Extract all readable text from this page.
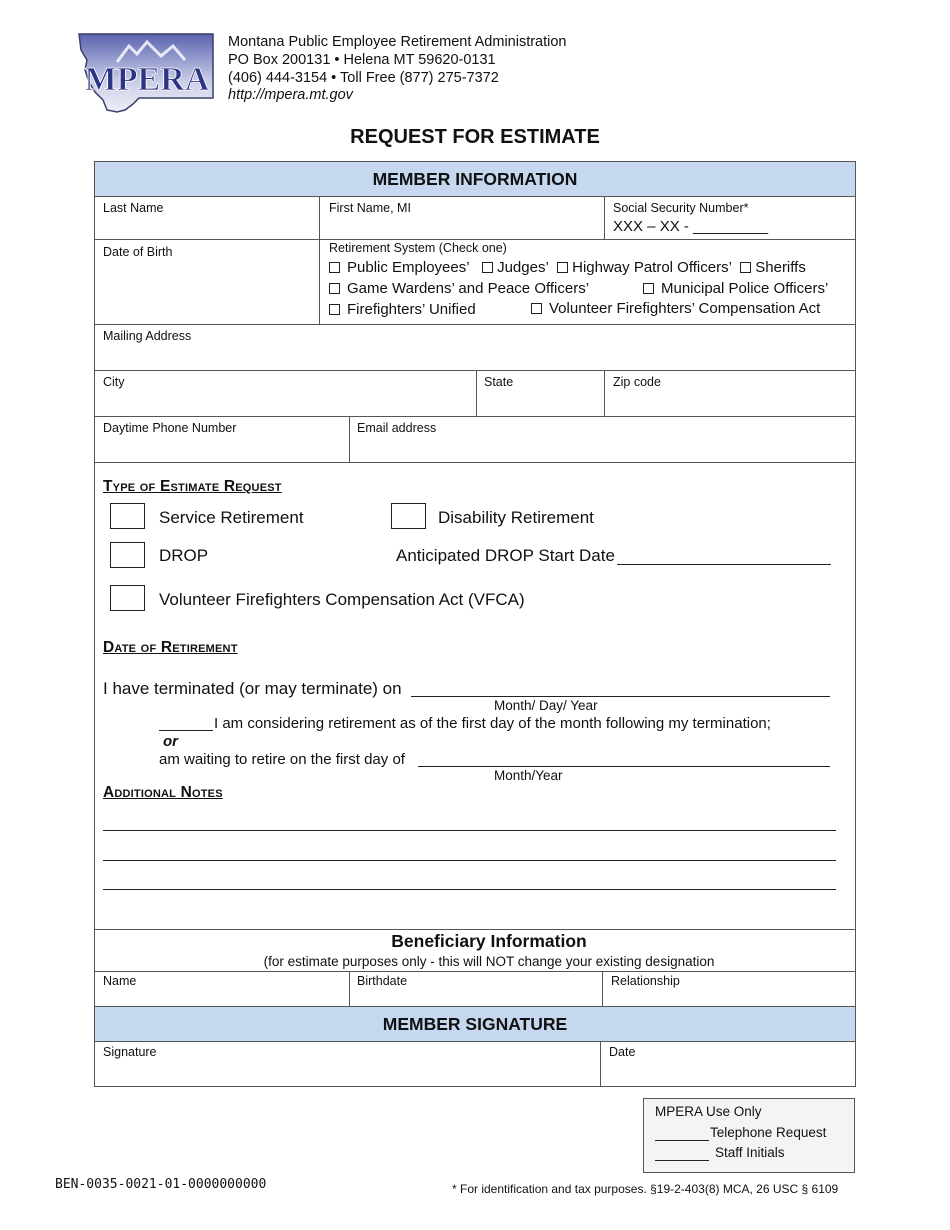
MPERA
Montana Public Employee Retirement Administration
PO Box 200131 • Helena MT 59620-0131
(406) 444-3154 • Toll Free (877) 275-7372
http://mpera.mt.gov
REQUEST FOR ESTIMATE
MEMBER INFORMATION
Last Name	First Name, MI	Social Security Number*
XXX – XX - _________
Date of Birth	Retirement System (Check one)
Public Employees’ Judges’ Highway Patrol Officers’ Sheriffs
Game Wardens’ and Peace Officers’	Municipal Police Officers’
Firefighters’ Unified	Volunteer Firefighters’ Compensation Act
Mailing Address
City	State	Zip code
Daytime Phone Number	Email address
Type of Estimate Request
Service Retirement	Disability Retirement
DROP	Anticipated DROP Start Date
Volunteer Firefighters Compensation Act (VFCA)
Date of Retirement
I have terminated (or may terminate) on
Month/ Day/ Year
I am considering retirement as of the first day of the month following my termination;
or
am waiting to retire on the first day of
Month/Year
Additional Notes
Beneficiary Information
(for estimate purposes only - this will NOT change your existing designation
Name	Birthdate	Relationship
MEMBER SIGNATURE
Signature	Date
MPERA Use Only
Telephone Request
Staff Initials
BEN-0035-0021-01-0000000000	* For identification and tax purposes. §19-2-403(8) MCA, 26 USC § 6109
